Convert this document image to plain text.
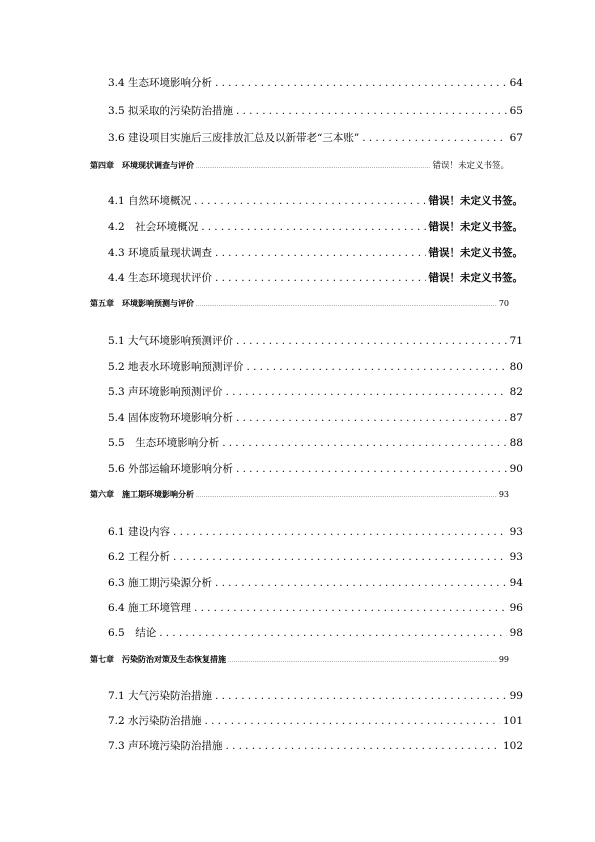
3.4 生态环境影响分析 .....	64
3.5 拟采取的污染防治措施 .....	65
3.6 建设项目实施后三废排放汇总及以新带老“三本账” .....	67
第四章　环境现状调查与评价 .....	错误！未定义书签。
4.1 自然环境概况 .....	错误！未定义书签。
4.2　社会环境概况 .....	错误！未定义书签。
4.3 环境质量现状调查 .....	错误！未定义书签。
4.4 生态环境现状评价 .....	错误！未定义书签。
第五章　环境影响预测与评价 .....	70
5.1 大气环境影响预测评价 .....	71
5.2 地表水环境影响预测评价 .....	80
5.3 声环境影响预测评价 .....	82
5.4 固体废物环境影响分析 .....	87
5.5　生态环境影响分析 .....	88
5.6 外部运输环境影响分析 .....	90
第六章　施工期环境影响分析 .....	93
6.1 建设内容 .....	93
6.2 工程分析 .....	93
6.3 施工期污染源分析 .....	94
6.4 施工环境管理 .....	96
6.5　结论 .....	98
第七章　污染防治对策及生态恢复措施 .....	99
7.1 大气污染防治措施 .....	99
7.2 水污染防治措施 .....	101
7.3 声环境污染防治措施 .....	102
